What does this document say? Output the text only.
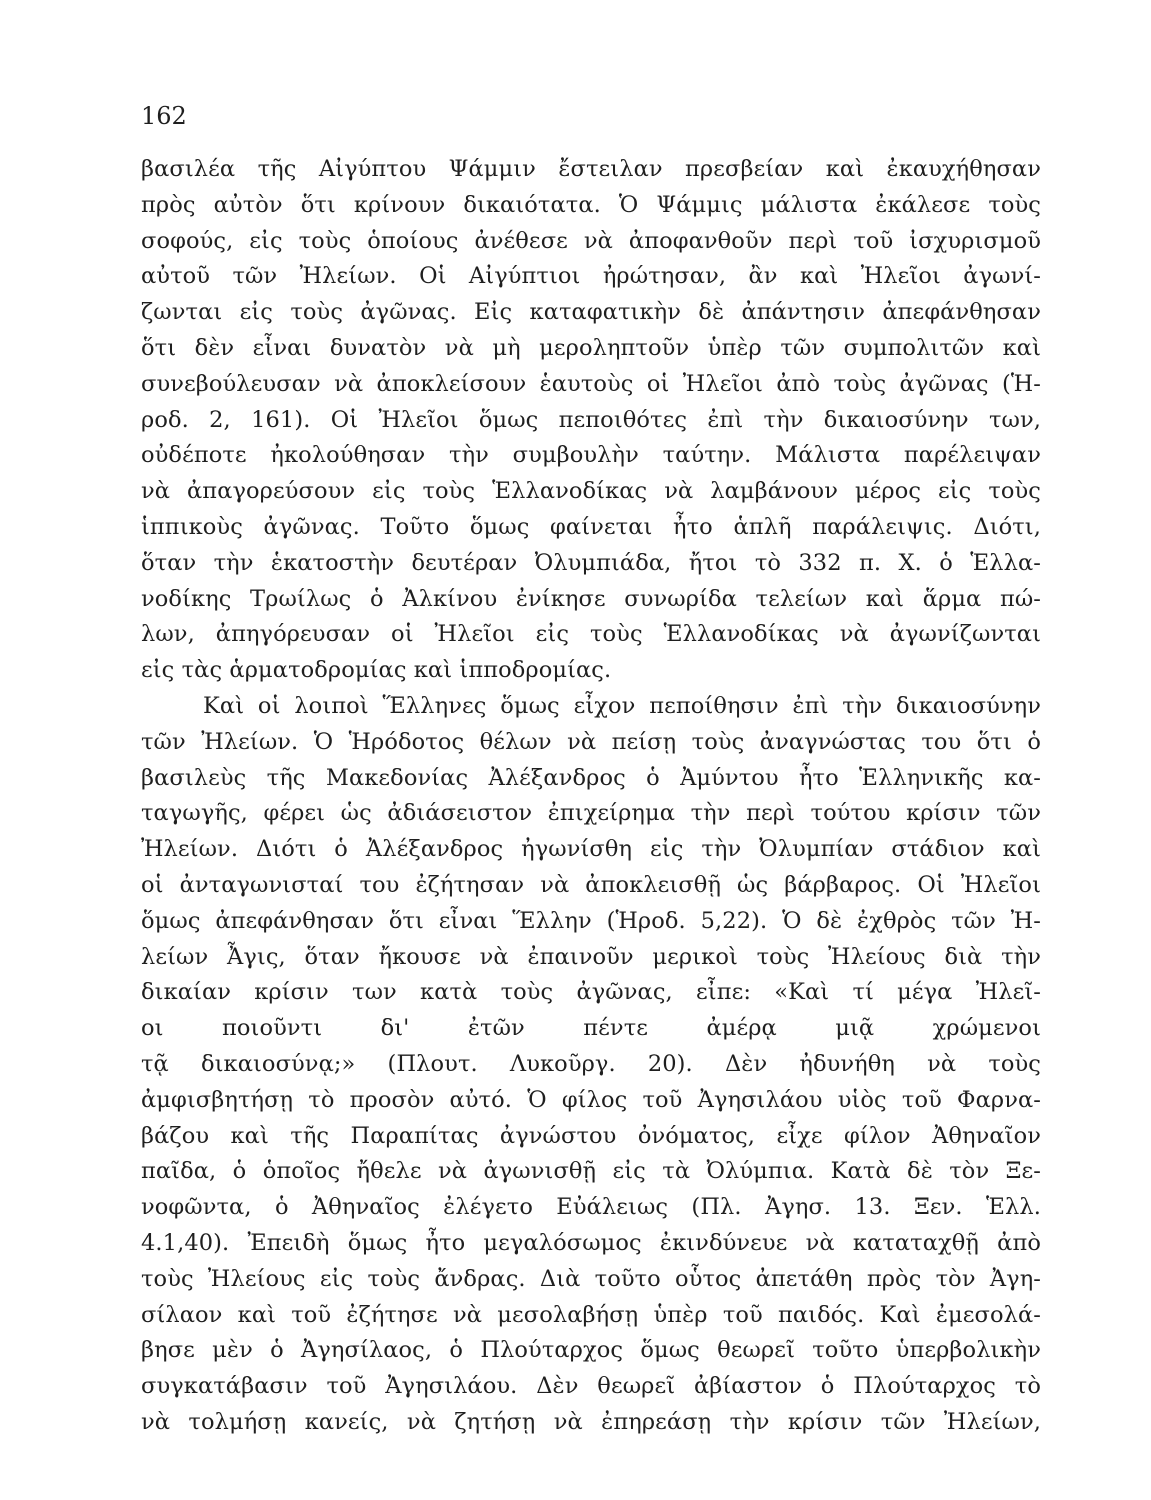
162
βασιλέα τῆς Αἰγύπτου Ψάμμιν ἔστειλαν πρεσβείαν καὶ ἐκαυχήθησαν
πρὸς αὐτὸν ὅτι κρίνουν δικαιότατα. Ὁ Ψάμμις μάλιστα ἐκάλεσε τοὺς
σοφούς, εἰς τοὺς ὁποίους ἀνέθεσε νὰ ἀποφανθοῦν περὶ τοῦ ἰσχυρισμοῦ
αὐτοῦ τῶν Ἠλείων. Οἱ Αἰγύπτιοι ἠρώτησαν, ἂν καὶ Ἠλεῖοι ἀγωνί-
ζωνται εἰς τοὺς ἀγῶνας. Εἰς καταφατικὴν δὲ ἀπάντησιν ἀπεφάνθησαν
ὅτι δὲν εἶναι δυνατὸν νὰ μὴ μεροληπτοῦν ὑπὲρ τῶν συμπολιτῶν καὶ
συνεβούλευσαν νὰ ἀποκλείσουν ἑαυτοὺς οἱ Ἠλεῖοι ἀπὸ τοὺς ἀγῶνας (Ἡ-
ροδ. 2, 161). Οἱ Ἠλεῖοι ὅμως πεποιθότες ἐπὶ τὴν δικαιοσύνην των,
οὐδέποτε ἠκολούθησαν τὴν συμβουλὴν ταύτην. Μάλιστα παρέλειψαν
νὰ ἀπαγορεύσουν εἰς τοὺς Ἑλλανοδίκας νὰ λαμβάνουν μέρος εἰς τοὺς
ἱππικοὺς ἀγῶνας. Τοῦτο ὅμως φαίνεται ἦτο ἁπλῆ παράλειψις. Διότι,
ὅταν τὴν ἑκατοστὴν δευτέραν Ὀλυμπιάδα, ἤτοι τὸ 332 π. Χ. ὁ Ἑλλα-
νοδίκης Τρωίλως ὁ Ἀλκίνου ἐνίκησε συνωρίδα τελείων καὶ ἅρμα πώ-
λων, ἀπηγόρευσαν οἱ Ἠλεῖοι εἰς τοὺς Ἑλλανοδίκας νὰ ἀγωνίζωνται
εἰς τὰς ἁρματοδρομίας καὶ ἱπποδρομίας.
Καὶ οἱ λοιποὶ Ἕλληνες ὅμως εἶχον πεποίθησιν ἐπὶ τὴν δικαιοσύνην
τῶν Ἠλείων. Ὁ Ἡρόδοτος θέλων νὰ πείσῃ τοὺς ἀναγνώστας του ὅτι ὁ
βασιλεὺς τῆς Μακεδονίας Ἀλέξανδρος ὁ Ἀμύντου ἦτο Ἑλληνικῆς κα-
ταγωγῆς, φέρει ὡς ἀδιάσειστον ἐπιχείρημα τὴν περὶ τούτου κρίσιν τῶν
Ἠλείων. Διότι ὁ Ἀλέξανδρος ἠγωνίσθη εἰς τὴν Ὀλυμπίαν στάδιον καὶ
οἱ ἀνταγωνισταί του ἐζήτησαν νὰ ἀποκλεισθῇ ὡς βάρβαρος. Οἱ Ἠλεῖοι
ὅμως ἀπεφάνθησαν ὅτι εἶναι Ἕλλην (Ἡροδ. 5,22). Ὁ δὲ ἐχθρὸς τῶν Ἠ-
λείων Ἆγις, ὅταν ἤκουσε νὰ ἐπαινοῦν μερικοὶ τοὺς Ἠλείους διὰ τὴν
δικαίαν κρίσιν των κατὰ τοὺς ἀγῶνας, εἶπε: «Καὶ τί μέγα Ἠλεῖ-
οι ποιοῦντι δι' ἐτῶν πέντε ἀμέρᾳ μιᾷ χρώμενοι
τᾷ δικαιοσύνᾳ;» (Πλουτ. Λυκοῦργ. 20). Δὲν ἠδυνήθη νὰ τοὺς
ἀμφισβητήσῃ τὸ προσὸν αὐτό. Ὁ φίλος τοῦ Ἀγησιλάου υἱὸς τοῦ Φαρνα-
βάζου καὶ τῆς Παραπίτας ἀγνώστου ὀνόματος, εἶχε φίλον Ἀθηναῖον
παῖδα, ὁ ὁποῖος ἤθελε νὰ ἀγωνισθῇ εἰς τὰ Ὀλύμπια. Κατὰ δὲ τὸν Ξε-
νοφῶντα, ὁ Ἀθηναῖος ἐλέγετο Εὐάλειως (Πλ. Ἀγησ. 13. Ξεν. Ἑλλ.
4.1,40). Ἐπειδὴ ὅμως ἦτο μεγαλόσωμος ἐκινδύνευε νὰ καταταχθῇ ἀπὸ
τοὺς Ἠλείους εἰς τοὺς ἄνδρας. Διὰ τοῦτο οὗτος ἀπετάθη πρὸς τὸν Ἀγη-
σίλαον καὶ τοῦ ἐζήτησε νὰ μεσολαβήσῃ ὑπὲρ τοῦ παιδός. Καὶ ἐμεσολά-
βησε μὲν ὁ Ἀγησίλαος, ὁ Πλούταρχος ὅμως θεωρεῖ τοῦτο ὑπερβολικὴν
συγκατάβασιν τοῦ Ἀγησιλάου. Δὲν θεωρεῖ ἀβίαστον ὁ Πλούταρχος τὸ
νὰ τολμήσῃ κανείς, νὰ ζητήσῃ νὰ ἐπηρεάσῃ τὴν κρίσιν τῶν Ἠλείων,
